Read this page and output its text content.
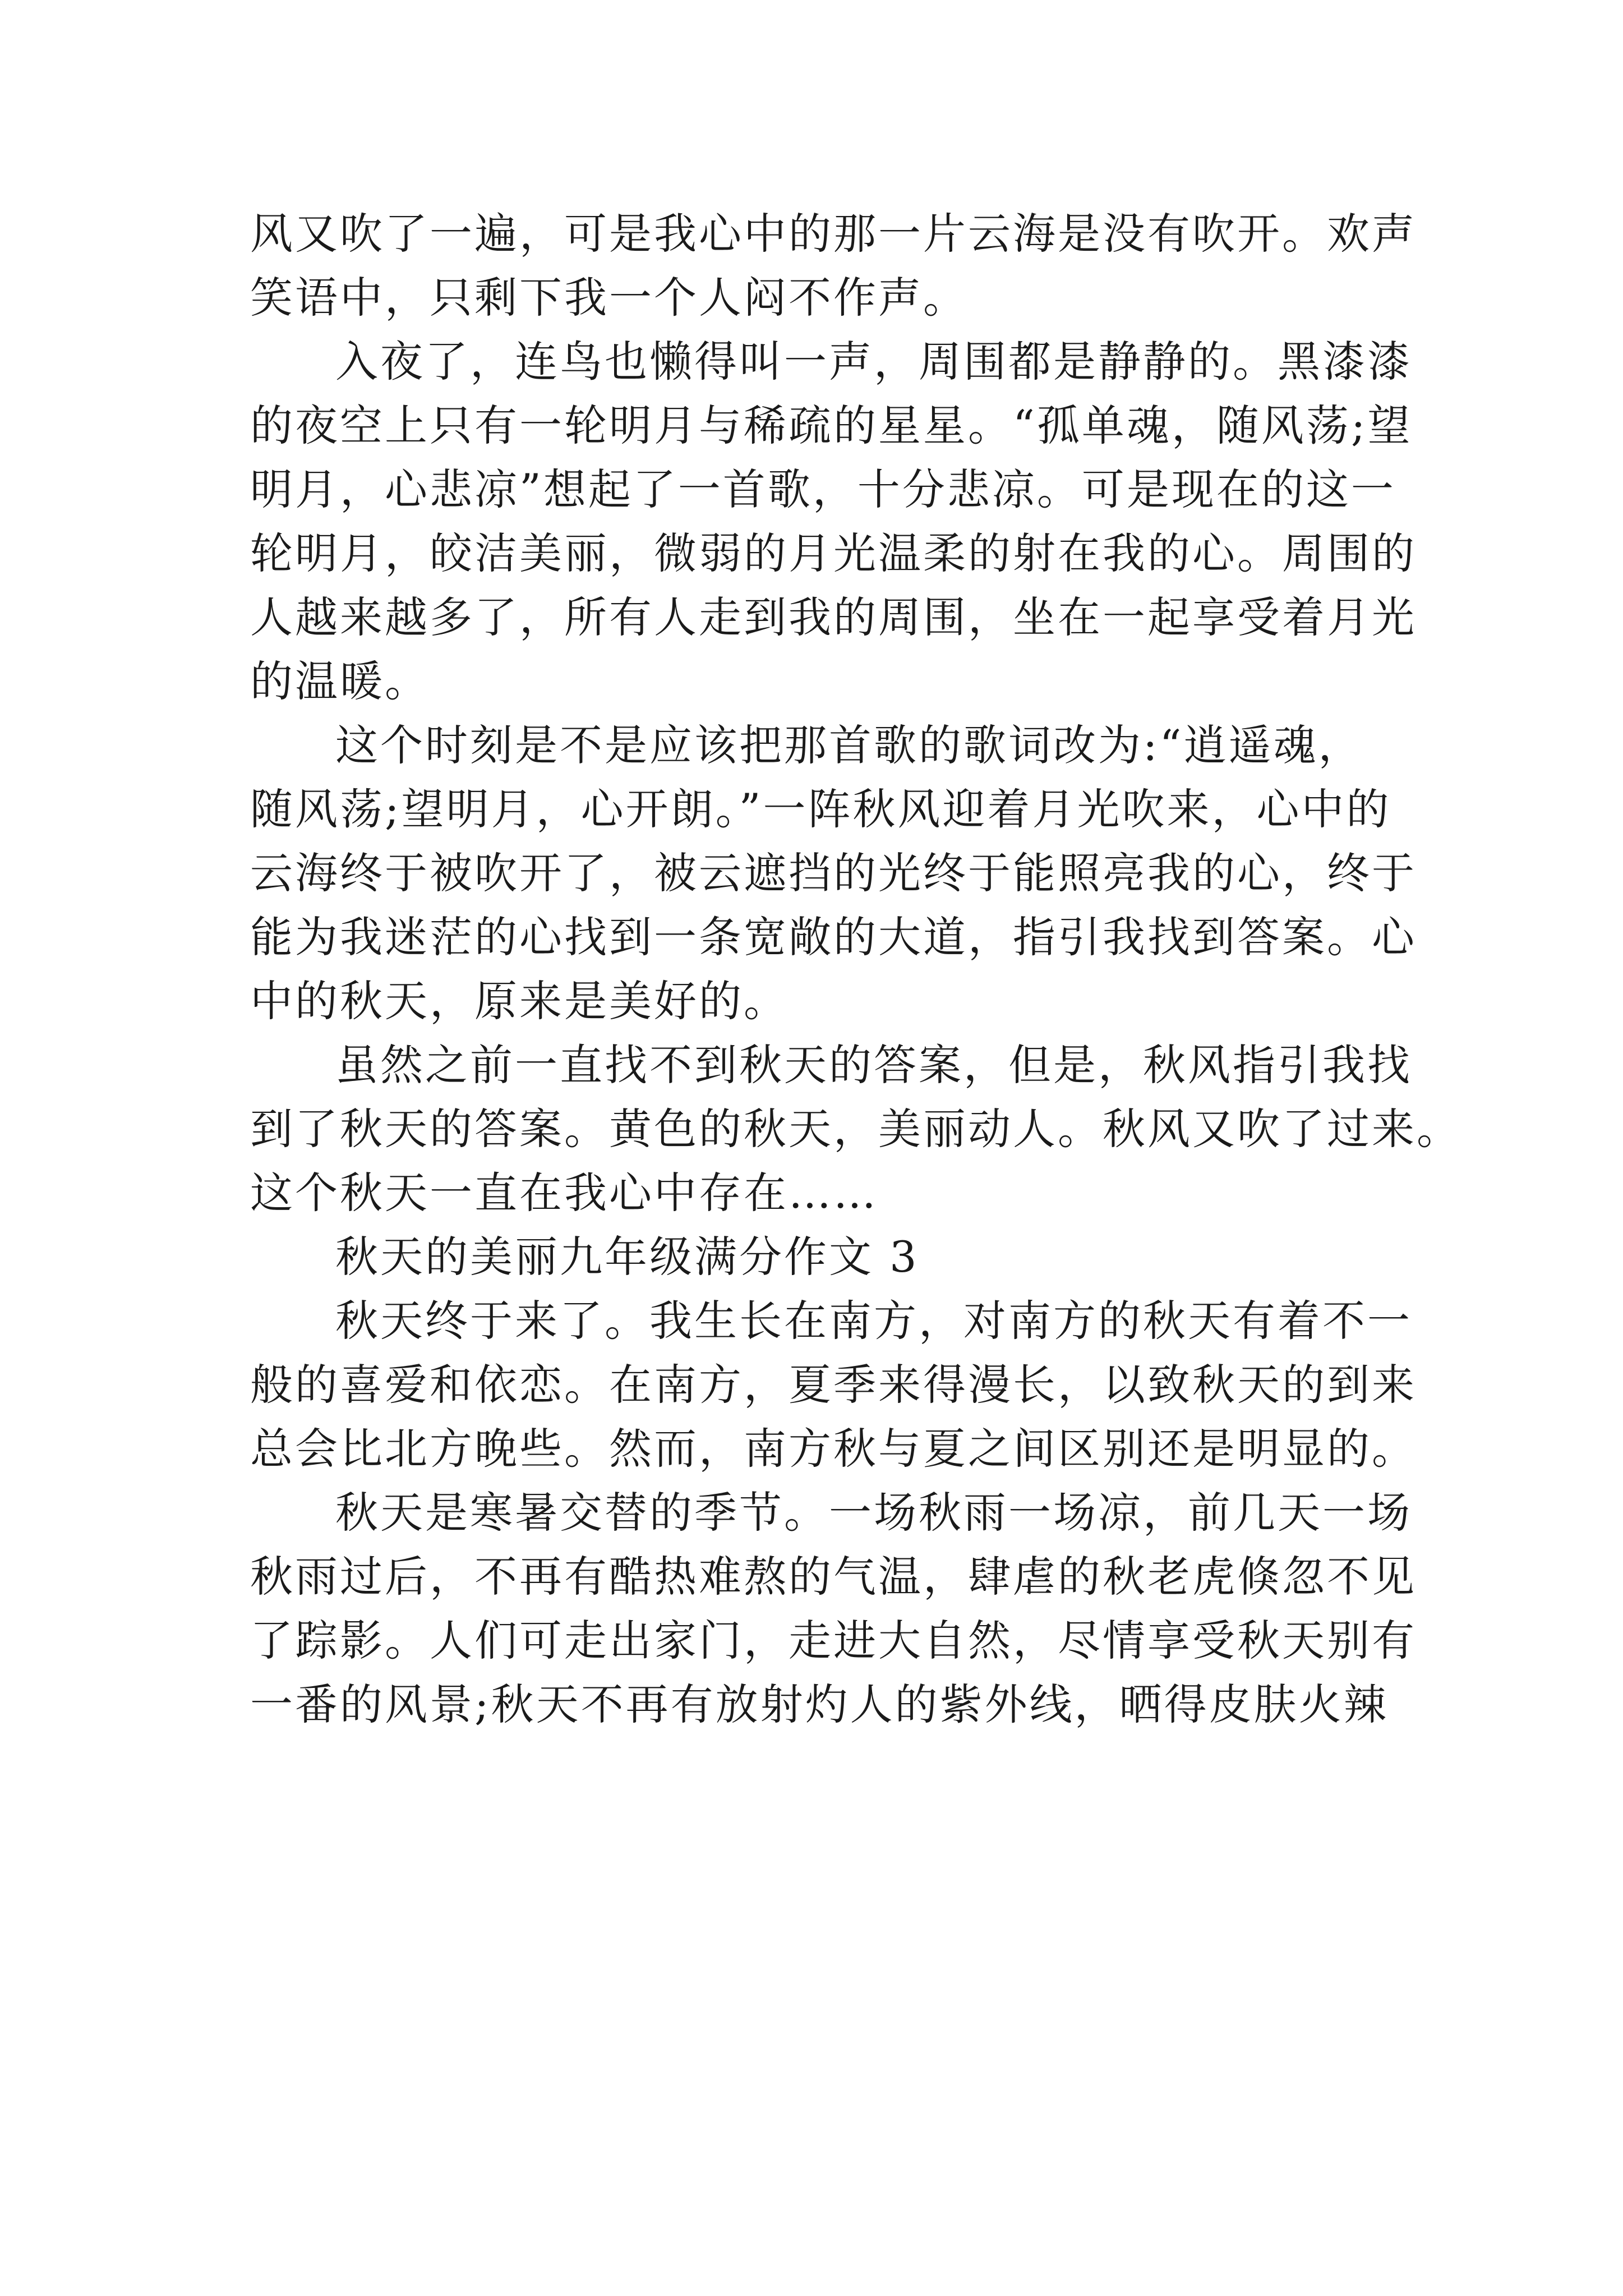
风又吹了一遍，可是我心中的那一片云海是没有吹开。欢声
笑语中，只剩下我一个人闷不作声。
入夜了，连鸟也懒得叫一声，周围都是静静的。黑漆漆
的夜空上只有一轮明月与稀疏的星星。“孤单魂，随风荡;望
明月，心悲凉”想起了一首歌，十分悲凉。可是现在的这一
轮明月，皎洁美丽，微弱的月光温柔的射在我的心。周围的
人越来越多了，所有人走到我的周围，坐在一起享受着月光
的温暖。
这个时刻是不是应该把那首歌的歌词改为:“逍遥魂，
随风荡;望明月，心开朗。”一阵秋风迎着月光吹来，心中的
云海终于被吹开了，被云遮挡的光终于能照亮我的心，终于
能为我迷茫的心找到一条宽敞的大道，指引我找到答案。心
中的秋天，原来是美好的。
虽然之前一直找不到秋天的答案，但是，秋风指引我找
到了秋天的答案。黄色的秋天，美丽动人。秋风又吹了过来。
这个秋天一直在我心中存在……
秋天的美丽九年级满分作文 3
秋天终于来了。我生长在南方，对南方的秋天有着不一
般的喜爱和依恋。在南方，夏季来得漫长，以致秋天的到来
总会比北方晚些。然而，南方秋与夏之间区别还是明显的。
秋天是寒暑交替的季节。一场秋雨一场凉，前几天一场
秋雨过后，不再有酷热难熬的气温，肆虐的秋老虎倏忽不见
了踪影。人们可走出家门，走进大自然，尽情享受秋天别有
一番的风景;秋天不再有放射灼人的紫外线，晒得皮肤火辣
